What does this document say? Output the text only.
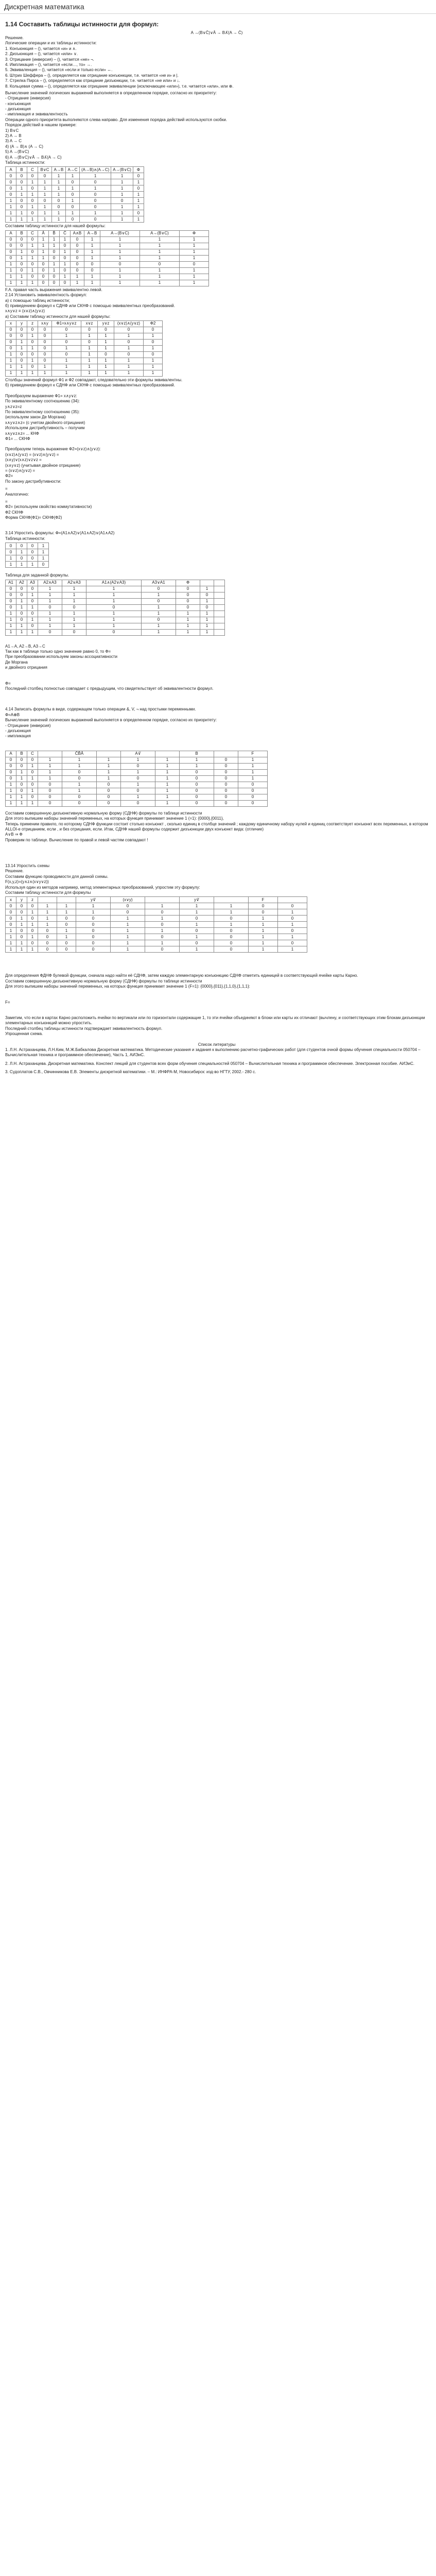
Дискретная математика
1.14 Составить таблицы истинности для формул:

A →(B∨C̄)∨Ā → B∧̅(A → C̄)

Решение.

Логические операции и их таблицы истинности:

1. Конъюнкция – (), читается «и» и ∧.

2. Дизъюнкция – (), читается «или» ∨.

3. Отрицание (инверсия) – (), читается «не» ¬.

4. Импликация – (), читается «если…, то» →.

5. Эквиваленция – (), читается «если и только если» ↔.

6. Штрих Шеффера – (), определяется как отрицание конъюнкции, т.е. читается «не и» и |.

7. Стрелка Пирса – (), определяется как отрицание дизъюнкции, т.е. читается «не или» и ↓.

8. Кольцевая сумма – (), определяется как отрицание эквиваленции (исключающее «или»), т.е. читается «или», или ⊕.

Вычисление значений логических выражений выполняется в определенном порядке, согласно их приоритету:

- Отрицание (инверсия)

- конъюнкция

- дизъюнкция

- импликация и эквивалентность

Операции одного приоритета выполняются слева направо. Для изменения порядка действий используются скобки.

Порядок действий в нашем примере:

1) B∨C

2) A → B

3) A → C

4) (A → B)∧ (A → C)

5) A →(B∨C)

6) A →(B∨C)∨Ā → B∧̅(A → C)

Таблица истинности:

A	B	C	B∨C	A→B	A→C	(A→B)∧(A→C)	A→(B∨C)	Ф
0	0	0	0	1	1	1	1	0
0	0	1	1	1	0	0	1	1
0	1	0	1	1	1	1	1	0
0	1	1	1	1	0	0	1	1
1	0	0	0	0	1	0	0	1
1	0	1	1	0	0	0	1	1
1	1	0	1	1	1	1	1	0
1	1	1	1	1	0	0	1	1

Составим таблицу истинности для нашей формулы:

A	B	C	Ā	B̄	C̄	A∧B	A→B	A→(B∨C)	A→(B∨C)	Ф
0	0	0	1	1	1	0	1	1	1	1
0	0	1	1	1	0	0	1	1	1	1
0	1	0	1	0	1	0	1	1	1	1
0	1	1	1	0	0	0	1	1	1	1
1	0	0	0	1	1	0	0	0	0	0
1	0	1	0	1	0	0	0	1	1	1
1	1	0	0	0	1	1	1	1	1	1
1	1	1	0	0	0	1	1	1	1	1

F.A. правая часть выражения эквивалентно левой.

2.14 Установить эквивалентность формул:

a) с помощью таблиц истинности;

б) приведением формул к СДНФ или СКНФ с помощью эквивалентных преобразований.

x∧y∨z ≡ (x∨z)∧(y∨z)

а) Составим таблицу истинности для нашей формулы:

x	y	z	x∧y	Ф1=x∧y∨z	x∨z	y∨z	(x∨z)∧(y∨z)	Ф2
0	0	0	0	0	0	0	0	0
0	0	1	0	1	1	1	1	1
0	1	0	0	0	0	1	0	0
0	1	1	0	1	1	1	1	1
1	0	0	0	0	1	0	0	0
1	0	1	0	1	1	1	1	1
1	1	0	1	1	1	1	1	1
1	1	1	1	1	1	1	1	1

Столбцы значений формул Ф1 и Ф2 совпадают, следовательно эти формулы эквивалентны.

б) приведением формул к СДНФ или СКНФ с помощью эквивалентных преобразований.

Преобразуем выражение Ф1= x∧y∨z:

По эквивалентному соотношению (34):

y∧z∨z=z

По эквивалентному соотношению (35):

(используем закон Де Моргана)

x∧y∨z∧z= (с учетом двойного отрицания)

Используем дистрибутивность – получим

x∧y∨z∧z= ... КНФ

Ф1= ... СКНФ

Преобразуем теперь выражение Ф2=(x∨z)∧(y∨z):

(x∨z)∧(y∨z) = (x∨z)∧(y∨z) =

(x∧y)∨(x∧z)∨z∨z =

(x∧y∨z) (учитывая двойное отрицание)

= (x∨z)∧(y∨z) =

Ф2=

По закону дистрибутивности:

=

Аналогично:

=

Ф2= (используем свойство коммутативности)

Ф2 СКНФ

Форма СКНФ(Ф1)= СКНФ(Ф2)

3.14 Упростить формулы: Ф=(A1∧A2)∨(A1∧A2)∨(A1∧A2)

Таблица истинности:

0	0	0	1
0	1	0	1
1	0	0	1
1	1	1	0

Таблица для заданной формулы.

A1	A2	A3	A2∧A3	A2∨A3	A1∧(A2∨A3)	A3∨A1	Ф		
0	0	0	1	1	1	0	0	1	
0	0	1	1	1	1	1	0	0	
0	1	0	1	1	1	0	0	1	
0	1	1	0	0	0	1	0	0	
1	0	0	1	1	1	1	1	1	
1	0	1	1	1	1	0	1	1	
1	1	0	1	1	1	1	1	1	
1	1	1	0	0	0	1	1	1	

A1→A, A2→B, A3→C

Так как в таблице только одно значение равно 0, то Ф=

При преобразовании используем законы ассоциативности

Де Моргана

и двойного отрицания

Ф=

Последний столбец полностью совпадает с предыдущим, что свидетельствует об эквивалентности формул.

4.14 Записать формулы в виде, содержащем только операции &, V, ¬ над простыми переменными.

Ф=A⊕B

Вычисление значений логических выражений выполняется в определенном порядке, согласно их приоритету:

- Отрицание (инверсия)

- дизъюнкция

- импликация

A	B	C		C̄B̄Ā		A∨̅		B		F
0	0	0	1	1	1	1	1	1	0	1
0	0	1	1	1	1	0	1	1	0	1
0	1	0	1	0	1	1	1	0	0	1
0	1	1	1	0	1	0	1	0	0	1
1	0	0	0	1	0	1	1	0	0	0
1	0	1	0	1	0	0	1	0	0	0
1	1	0	0	0	0	1	1	0	0	0
1	1	1	0	0	0	0	1	0	0	0

Составим совершенную дизъюнктивную нормальную форму (СДНФ) формулы по таблице истинности

Для этого выпишем наборы значений переменных, на которых функция принимает значение 1 (=1): {0000},{0011},

Теперь применим правило, по которому СДНФ функции состоит столько конъюнкт , сколько единиц в столбце значений ; каждому единичному набору нулей и единиц соответствует конъюнкт всех переменных, в котором ALLOI-е отрицанием, если , и без отрицания, если. Итак, СДНФ нашей формулы содержит дизъюнкции двух конъюнкт вида: (отличие)

A∨B ⇒ Ф

Проверим по таблице. Вычисление по правой и левой частям совпадают !

13.14 Упростить схемы

Решение.

Составим функцию проводимости для данной схемы.

F(x,y,z)=(y∧z∧(x∨y∨z))

Используя один из методов например, метод элементарных преобразований, упростим эту формулу:

Составим таблицу истинности для формулы

x	y	z			y∨̅	(x∨y)		y∨̅		F	
0	0	0	1	1	1	0	1	1	1	0	0
0	0	1	1	1	1	0	0	1	1	0	1
0	1	0	1	0	0	1	1	0	0	1	0
0	1	1	1	0	0	1	0	1	1	1	1
1	0	0	0	1	0	1	1	0	0	1	0
1	0	1	0	1	0	1	0	1	0	1	1
1	1	0	0	0	0	1	1	0	0	1	0
1	1	1	0	0	0	1	0	1	0	1	1

Для определения ФДНФ булевой функции, сначала надо найти её СДНФ, затем каждую элементарную конъюнкцию СДНФ отметить единицей в соответствующей ячейке карты Карно.

Составим совершенную дизъюнктивную нормальную форму (СДНФ) формулы по таблице истинности

Для этого выпишем наборы значений переменных, на которых функция принимает значение 1 (F=1): {0000},{011},{1,1,0},{1,1,1}:

F=

Заметим, что если в картах Карно расположить ячейки по вертикали или по горизонтали содержащие 1, то эти ячейки объединяют в блоки или карты их отличают (вычлену, и соответствующих этим блокам дизъюнкции элементарных конъюнкций можно упростить.

Последний столбец таблицы истинности подтверждает эквивалентность формул.

Упрощенная схема.

Список литературы

1. Л.Н. Астраханцева, Л.Н.Ким, М.Ж.Бабкалова Дискретная математика. Методические указания и задания к выполнению расчетно-графических работ (для студентов очной формы обучения специальности 050704 – Вычислительная техника и программное обеспечение), Часть 1, АИЭиС.

2. Л.Н. Астраханцева. Дискретная математика. Конспект лекций для студентов всех форм обучения специальностей 050704 – Вычислительная техника и программное обеспечение. Электронная пособие. АИЭиС.

3. Судоплатов С.В., Овчинникова Е.В. Элементы дискретной математики. – М.: ИНФРА-М, Новосибирск: изд-во НГТУ, 2002.- 280 с.
